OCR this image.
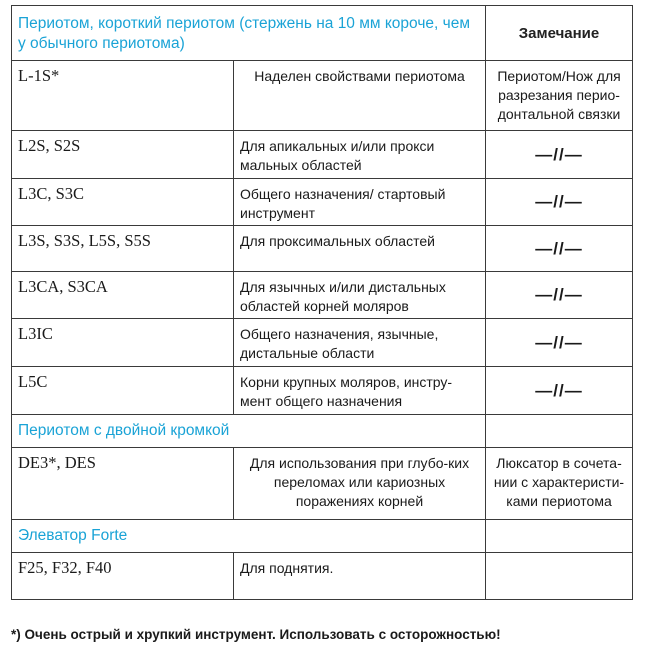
Периотом, короткий периотом (стержень на 10 мм короче, чем у обычного периотома)		Замечание
L-1S*	Наделен свойствами периотома	Периотом/Нож для разрезания перио-донтальной связки
L2S, S2S	Для апикальных и/или прокси мальных областей	—//—
L3C, S3C	Общего назначения/ стартовый инструмент	—//—
L3S, S3S, L5S, S5S	Для проксимальных областей	—//—
L3CA, S3CA	Для язычных и/или дистальных областей корней моляров	—//—
L3IC	Общего назначения, язычные, дистальные области	—//—
L5C	Корни крупных моляров, инстру-мент общего назначения	—//—
Периотом с двойной кромкой		
DE3*, DES	Для использования при глубо-ких переломах или кариозных поражениях корней	Люксатор в сочета-нии с характеристи-ками периотома
Элеватор Forte		
F25, F32, F40	Для поднятия.	
*) Очень острый и хрупкий инструмент. Использовать с осторожностью!
